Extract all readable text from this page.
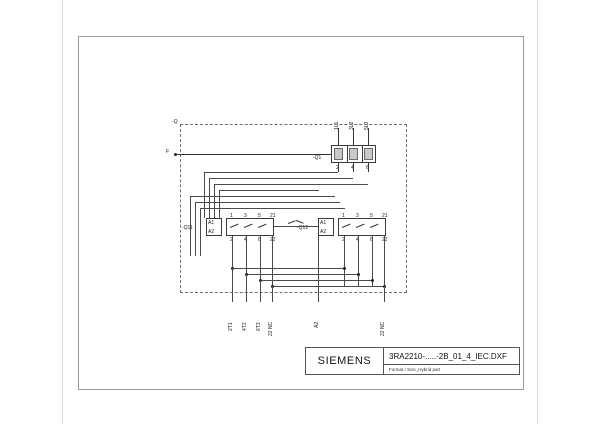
-Q
F
1L1 3L2 5L3
-Q1
2 4 6
A1
A2
-Q11
1 3 5 21
2 4 6 22
A1
A2
-Q12
1 3 5 21
2 4 6 22
2T1 4T2 6T3 22 NC	A2	22 NC
SIEMENS	3RA2210-.....-2B_01_4_IEC.DXF
Format / Size_Hybrid part
